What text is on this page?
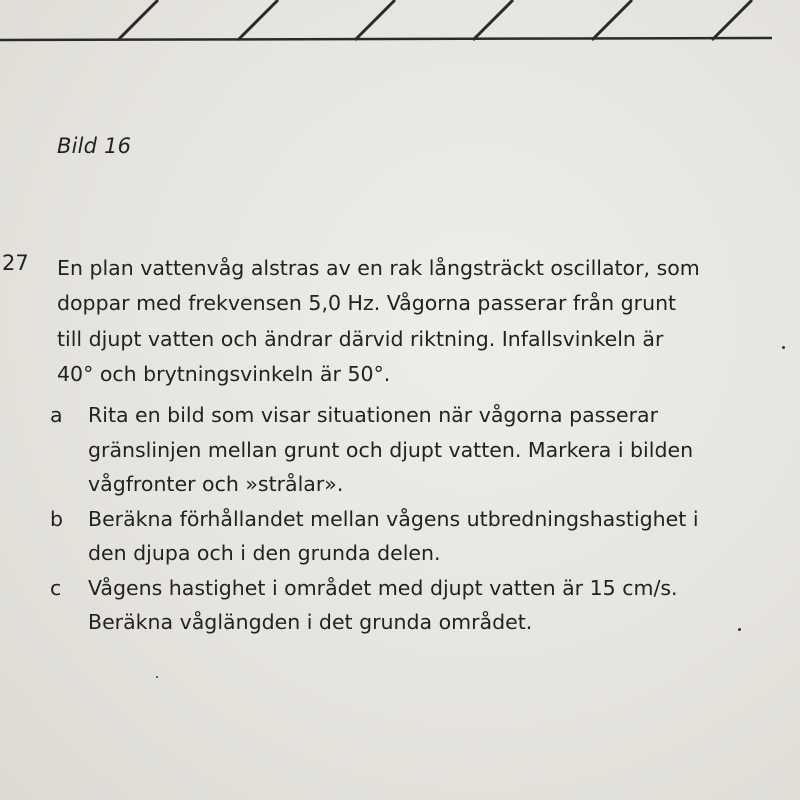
Bild 16
27 En plan vattenvåg alstras av en rak långsträckt oscillator, som
doppar med frekvensen 5,0 Hz. Vågorna passerar från grunt
till djupt vatten och ändrar därvid riktning. Infallsvinkeln är
40° och brytningsvinkeln är 50°.
a	Rita en bild som visar situationen när vågorna passerar
gränslinjen mellan grunt och djupt vatten. Markera i bilden
vågfronter och »strålar».
b	Beräkna förhållandet mellan vågens utbredningshastighet i
den djupa och i den grunda delen.
c	Vågens hastighet i området med djupt vatten är 15 cm/s.
Beräkna våglängden i det grunda området.
